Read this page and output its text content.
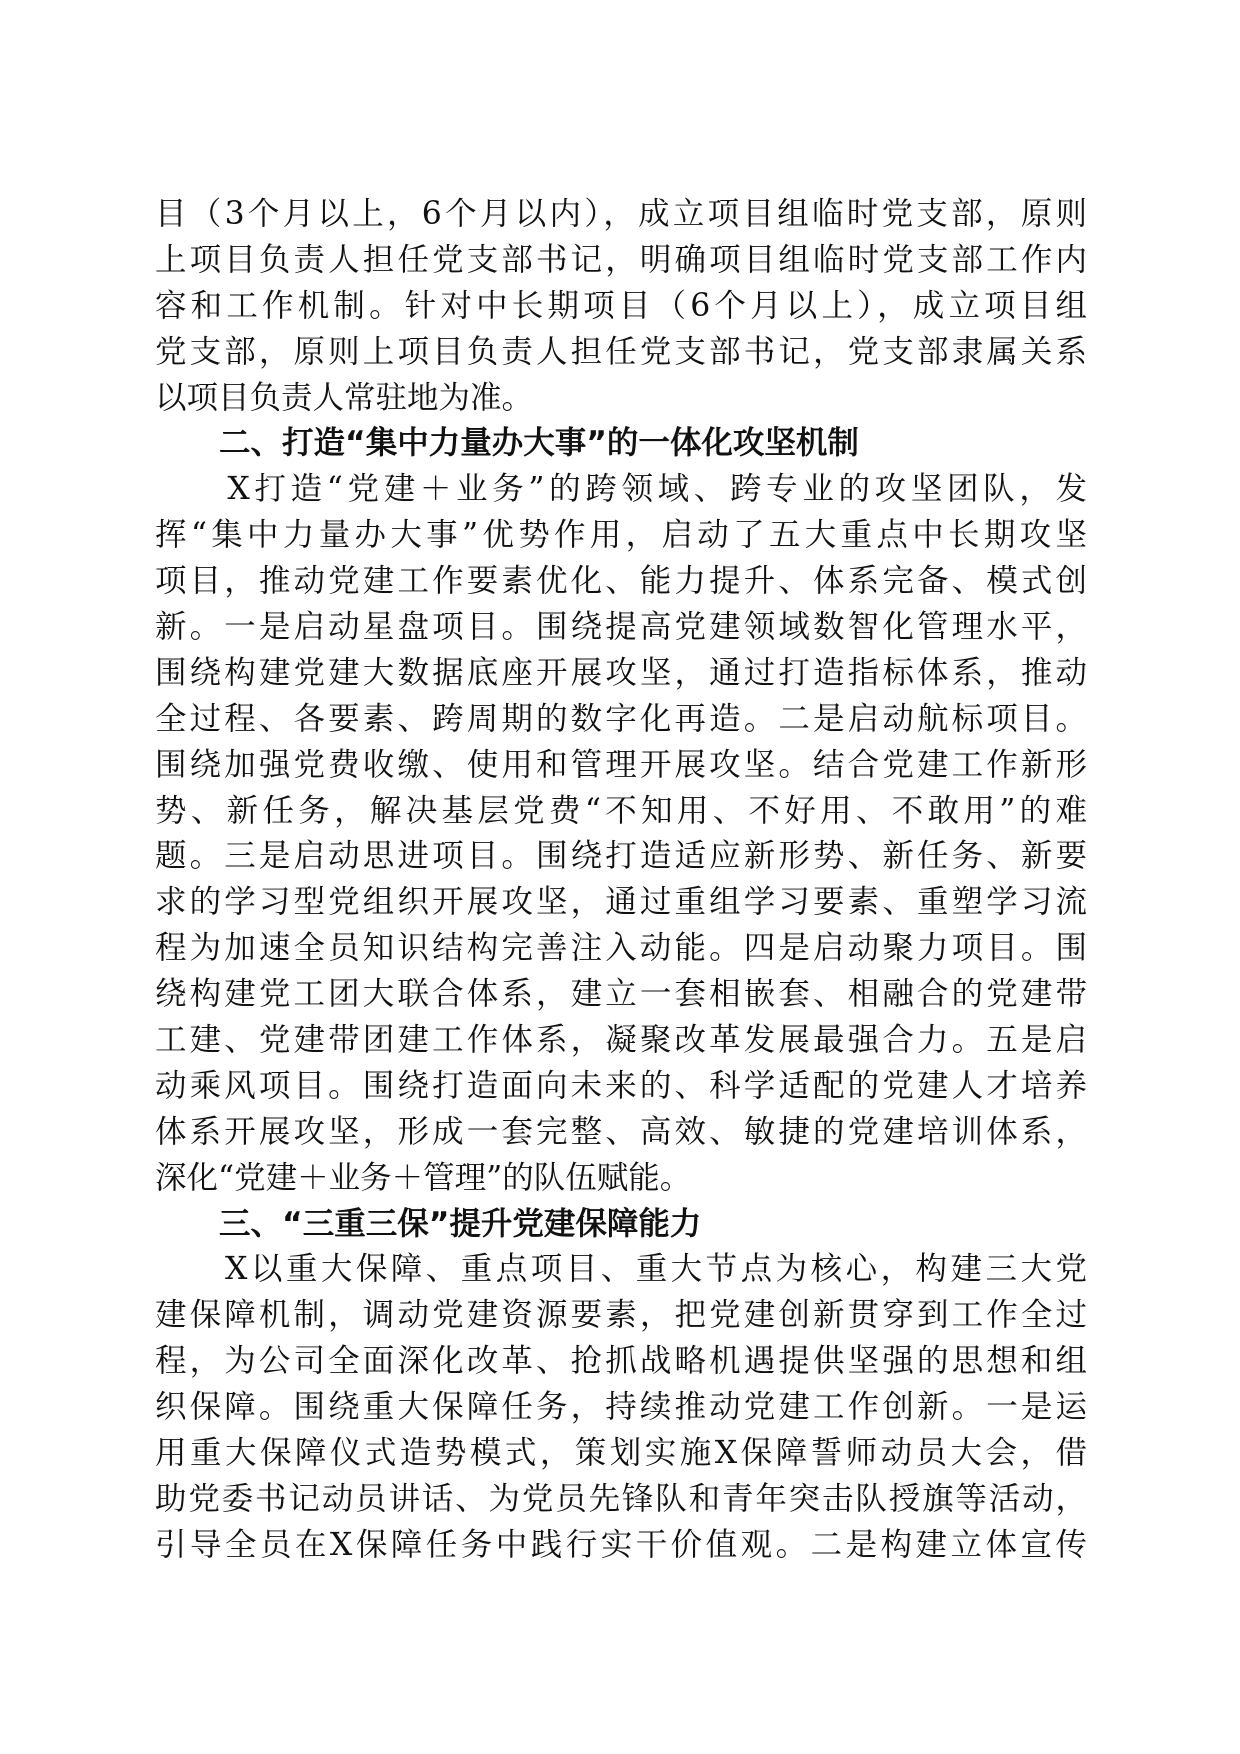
目（3个月以上，6个月以内），成立项目组临时党支部，原则
上项目负责人担任党支部书记，明确项目组临时党支部工作内
容和工作机制。针对中长期项目（6个月以上），成立项目组
党支部，原则上项目负责人担任党支部书记，党支部隶属关系
以项目负责人常驻地为准。
二、打造“集中力量办大事”的一体化攻坚机制
　　X打造“党建＋业务”的跨领域、跨专业的攻坚团队，发
挥“集中力量办大事”优势作用，启动了五大重点中长期攻坚
项目，推动党建工作要素优化、能力提升、体系完备、模式创
新。一是启动星盘项目。围绕提高党建领域数智化管理水平，
围绕构建党建大数据底座开展攻坚，通过打造指标体系，推动
全过程、各要素、跨周期的数字化再造。二是启动航标项目。
围绕加强党费收缴、使用和管理开展攻坚。结合党建工作新形
势、新任务，解决基层党费“不知用、不好用、不敢用”的难
题。三是启动思进项目。围绕打造适应新形势、新任务、新要
求的学习型党组织开展攻坚，通过重组学习要素、重塑学习流
程为加速全员知识结构完善注入动能。四是启动聚力项目。围
绕构建党工团大联合体系，建立一套相嵌套、相融合的党建带
工建、党建带团建工作体系，凝聚改革发展最强合力。五是启
动乘风项目。围绕打造面向未来的、科学适配的党建人才培养
体系开展攻坚，形成一套完整、高效、敏捷的党建培训体系，
深化“党建＋业务＋管理”的队伍赋能。
三、“三重三保”提升党建保障能力
　　X以重大保障、重点项目、重大节点为核心，构建三大党
建保障机制，调动党建资源要素，把党建创新贯穿到工作全过
程，为公司全面深化改革、抢抓战略机遇提供坚强的思想和组
织保障。围绕重大保障任务，持续推动党建工作创新。一是运
用重大保障仪式造势模式，策划实施X保障誓师动员大会，借
助党委书记动员讲话、为党员先锋队和青年突击队授旗等活动，
引导全员在X保障任务中践行实干价值观。二是构建立体宣传
